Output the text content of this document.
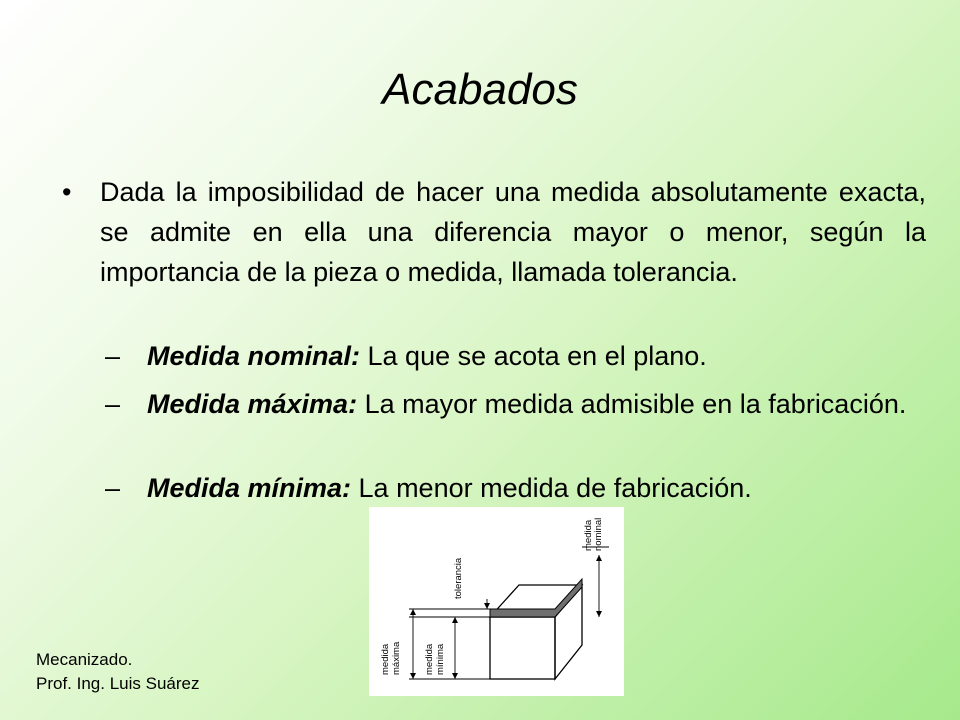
Acabados
• Dada la imposibilidad de hacer una medida absolutamente exacta, se admite en ella una diferencia mayor o menor, según la importancia de la pieza o medida, llamada tolerancia.
– Medida nominal: La que se acota en el plano.
– Medida máxima: La mayor medida admisible en la fabricación.
– Medida mínima: La menor medida de fabricación.
Mecanizado.
Prof. Ing. Luis Suárez
tolerancia
medida nominal
medida máxima medida mínima
